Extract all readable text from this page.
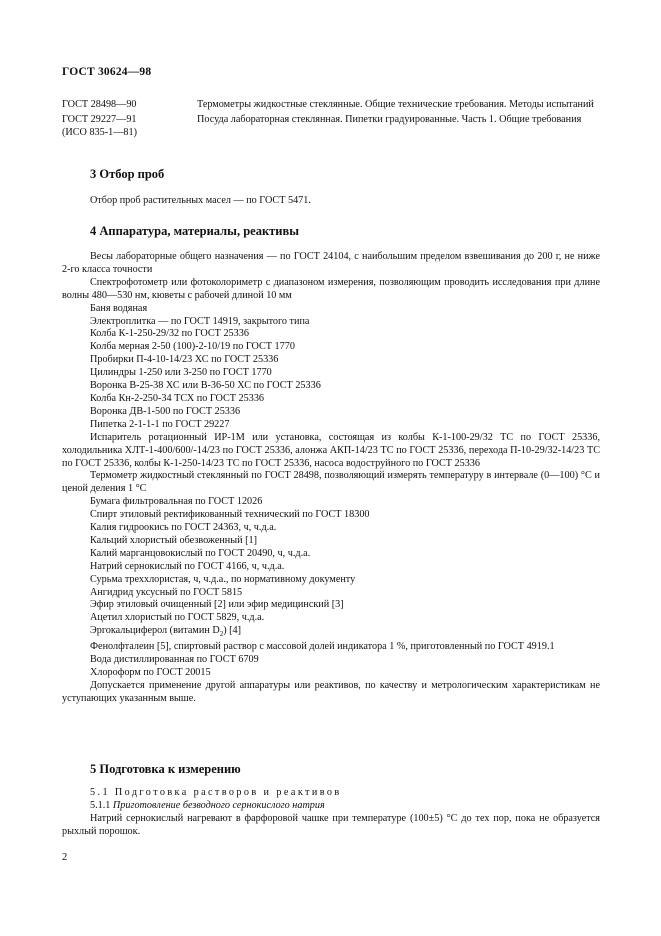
ГОСТ 30624—98
ГОСТ 28498—90	Термометры жидкостные стеклянные. Общие технические требования. Методы испытаний
ГОСТ 29227—91
(ИСО 835-1—81)
Посуда лабораторная стеклянная. Пипетки градуированные. Часть 1. Общие требования
3 Отбор проб
Отбор проб растительных масел — по ГОСТ 5471.
4 Аппаратура, материалы, реактивы
Весы лабораторные общего назначения — по ГОСТ 24104, с наибольшим пределом взвешивания до 200 г, не ниже 2-го класса точности
Спектрофотометр или фотоколориметр с диапазоном измерения, позволяющим проводить исследования при длине волны 480—530 нм, кюветы с рабочей длиной 10 мм
Баня водяная
Электроплитка — по ГОСТ 14919, закрытого типа
Колба К-1-250-29/32 по ГОСТ 25336
Колба мерная 2-50 (100)-2-10/19 по ГОСТ 1770
Пробирки П-4-10-14/23 ХС по ГОСТ 25336
Цилиндры 1-250 или 3-250 по ГОСТ 1770
Воронка В-25-38 ХС или В-36-50 ХС по ГОСТ 25336
Колба Кн-2-250-34 ТСХ по ГОСТ 25336
Воронка ДВ-1-500 по ГОСТ 25336
Пипетка 2-1-1-1 по ГОСТ 29227
Испаритель ротационный ИР-1М или установка, состоящая из колбы К-1-100-29/32 ТС по ГОСТ 25336, холодильника ХЛТ-1-400/600/-14/23 по ГОСТ 25336, алонжа АКП-14/23 ТС по ГОСТ 25336, перехода П-10-29/32-14/23 ТС по ГОСТ 25336, колбы К-1-250-14/23 ТС по ГОСТ 25336, насоса водоструйного по ГОСТ 25336
Термометр жидкостный стеклянный по ГОСТ 28498, позволяющий измерять температуру в интервале (0—100) °С и ценой деления 1 °С
Бумага фильтровальная по ГОСТ 12026
Спирт этиловый ректификованный технический по ГОСТ 18300
Калия гидроокись по ГОСТ 24363, ч, ч.д.а.
Кальций хлористый обезвоженный [1]
Калий марганцовокислый по ГОСТ 20490, ч, ч.д.а.
Натрий сернокислый по ГОСТ 4166, ч, ч.д.а.
Сурьма треххлористая, ч, ч.д.а., по нормативному документу
Ангидрид уксусный по ГОСТ 5815
Эфир этиловый очищенный [2] или эфир медицинский [3]
Ацетил хлористый по ГОСТ 5829, ч.д.а.
Эргокальциферол (витамин $D_2$) [4]
Фенолфталеин [5], спиртовый раствор с массовой долей индикатора 1 %, приготовленный по ГОСТ 4919.1
Вода дистиллированная по ГОСТ 6709
Хлороформ по ГОСТ 20015
Допускается применение другой аппаратуры или реактивов, по качеству и метрологическим характеристикам не уступающих указанным выше.
5 Подготовка к измерению
5.1 Подготовка растворов и реактивов
5.1.1 Приготовление безводного сернокислого натрия
Натрий сернокислый нагревают в фарфоровой чашке при температуре (100±5) °С до тех пор, пока не образуется рыхлый порошок.
2
